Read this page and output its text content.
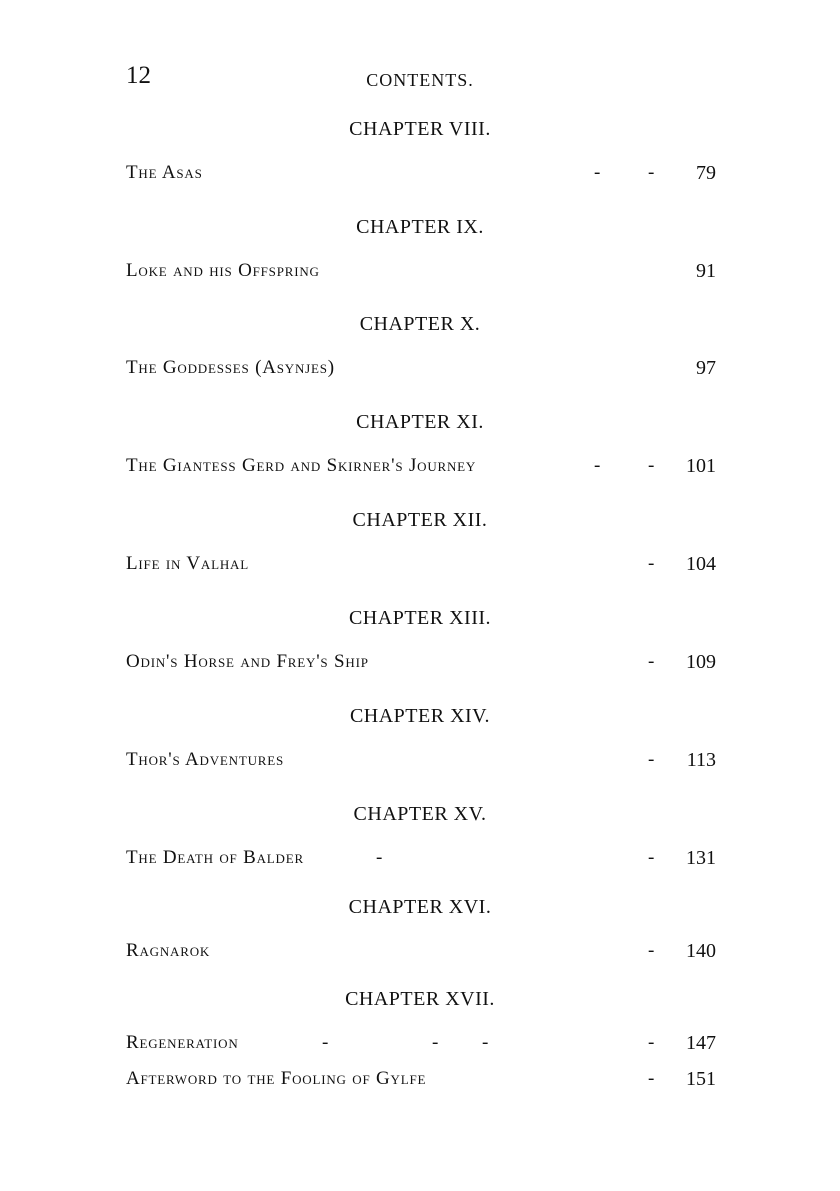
12	CONTENTS.
CHAPTER VIII.
The Asas	-	- 79
CHAPTER IX.
Loke and his Offspring	91
CHAPTER X.
The Goddesses (Asynjes)	97
CHAPTER XI.
The Giantess Gerd and Skirner's Journey	-	- 101
CHAPTER XII.
Life in Valhal	- 104
CHAPTER XIII.
Odin's Horse and Frey's Ship	- 109
CHAPTER XIV.
Thor's Adventures	- 113
CHAPTER XV.
The Death of Balder	-	- 131
CHAPTER XVI.
Ragnarok	- 140
CHAPTER XVII.
Regeneration	-	- -	- 147
Afterword to the Fooling of Gylfe	- 151
